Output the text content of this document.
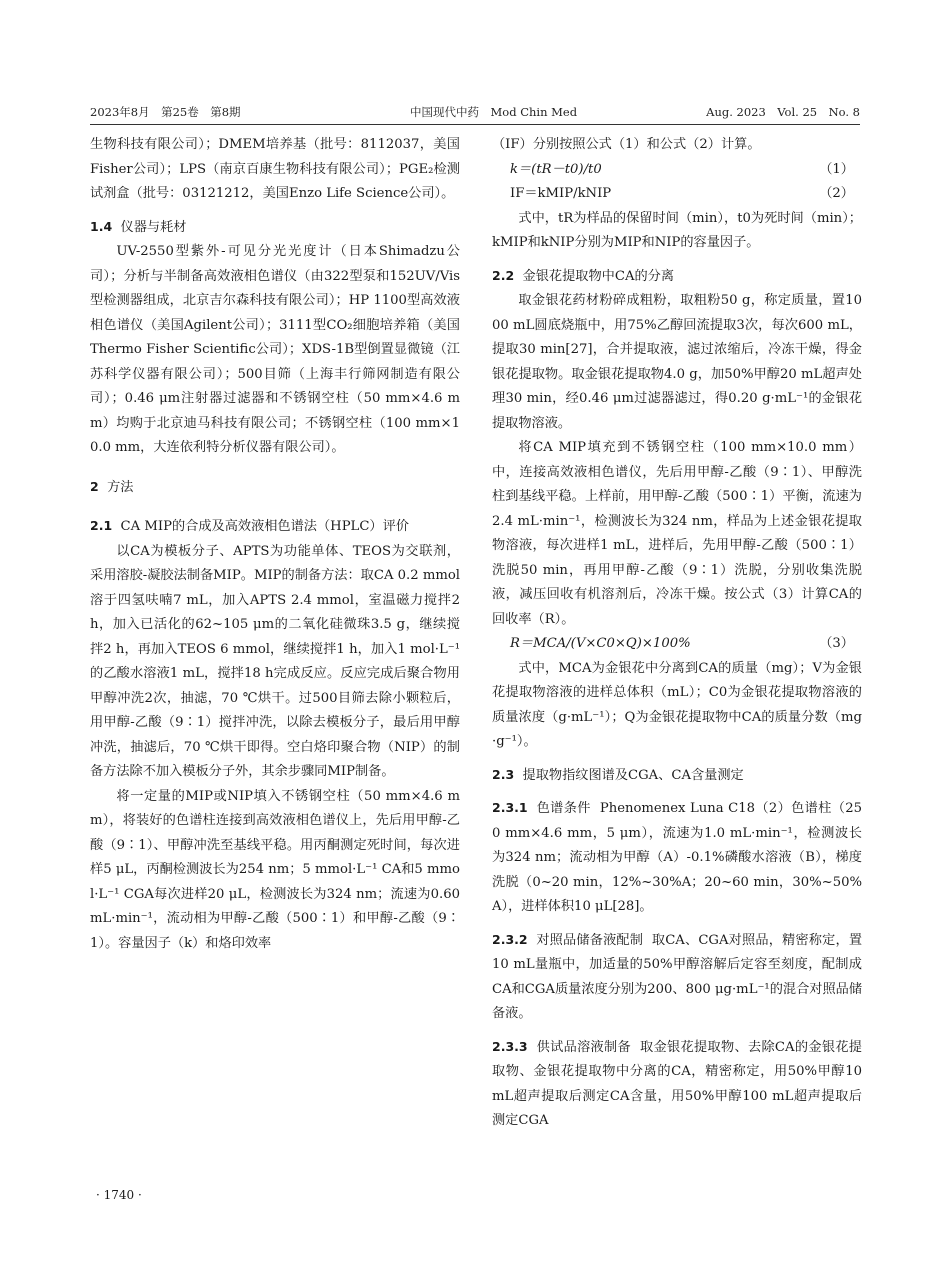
2023年8月　第25卷　第8期	中国现代中药　Mod Chin Med	Aug. 2023　Vol. 25　No. 8

生物科技有限公司）；DMEM培养基（批号：8112037，美国Fisher公司）；LPS（南京百康生物科技有限公司）；PGE₂检测试剂盒（批号：03121212，美国Enzo Life Science公司）。

1.4 仪器与耗材

UV-2550型紫外-可见分光光度计（日本Shimadzu公司）；分析与半制备高效液相色谱仪（由322型泵和152UV/Vis型检测器组成，北京吉尔森科技有限公司）；HP 1100型高效液相色谱仪（美国Agilent公司）；3111型CO₂细胞培养箱（美国Thermo Fisher Scientific公司）；XDS-1B型倒置显微镜（江苏科学仪器有限公司）；500目筛（上海丰行筛网制造有限公司）；0.46 μm注射器过滤器和不锈钢空柱（50 mm×4.6 mm）均购于北京迪马科技有限公司；不锈钢空柱（100 mm×10.0 mm，大连依利特分析仪器有限公司）。

2 方法

2.1 CA MIP的合成及高效液相色谱法（HPLC）评价

以CA为模板分子、APTS为功能单体、TEOS为交联剂，采用溶胶-凝胶法制备MIP。MIP的制备方法：取CA 0.2 mmol溶于四氢呋喃7 mL，加入APTS 2.4 mmol，室温磁力搅拌2 h，加入已活化的62~105 μm的二氧化硅微珠3.5 g，继续搅拌2 h，再加入TEOS 6 mmol，继续搅拌1 h，加入1 mol·L⁻¹的乙酸水溶液1 mL，搅拌18 h完成反应。反应完成后聚合物用甲醇冲洗2次，抽滤，70 ℃烘干。过500目筛去除小颗粒后，用甲醇-乙酸（9∶1）搅拌冲洗，以除去模板分子，最后用甲醇冲洗，抽滤后，70 ℃烘干即得。空白烙印聚合物（NIP）的制备方法除不加入模板分子外，其余步骤同MIP制备。

将一定量的MIP或NIP填入不锈钢空柱（50 mm×4.6 mm），将装好的色谱柱连接到高效液相色谱仪上，先后用甲醇-乙酸（9∶1）、甲醇冲洗至基线平稳。用丙酮测定死时间，每次进样5 μL，丙酮检测波长为254 nm；5 mmol·L⁻¹ CA和5 mmol·L⁻¹ CGA每次进样20 μL，检测波长为324 nm；流速为0.60 mL·min⁻¹，流动相为甲醇-乙酸（500∶1）和甲醇-乙酸（9∶1）。容量因子（k）和烙印效率

（IF）分别按照公式（1）和公式（2）计算。

k＝(tR－t0)/t0	（1）

IF＝kMIP/kNIP	（2）

式中，tR为样品的保留时间（min），t0为死时间（min）；kMIP和kNIP分别为MIP和NIP的容量因子。

2.2 金银花提取物中CA的分离

取金银花药材粉碎成粗粉，取粗粉50 g，称定质量，置1000 mL圆底烧瓶中，用75%乙醇回流提取3次，每次600 mL，提取30 min[27]，合并提取液，滤过浓缩后，冷冻干燥，得金银花提取物。取金银花提取物4.0 g，加50%甲醇20 mL超声处理30 min，经0.46 μm过滤器滤过，得0.20 g·mL⁻¹的金银花提取物溶液。

将CA MIP填充到不锈钢空柱（100 mm×10.0 mm）中，连接高效液相色谱仪，先后用甲醇-乙酸（9∶1）、甲醇洗柱到基线平稳。上样前，用甲醇-乙酸（500∶1）平衡，流速为2.4 mL·min⁻¹，检测波长为324 nm，样品为上述金银花提取物溶液，每次进样1 mL，进样后，先用甲醇-乙酸（500∶1）洗脱50 min，再用甲醇-乙酸（9∶1）洗脱，分别收集洗脱液，减压回收有机溶剂后，冷冻干燥。按公式（3）计算CA的回收率（R）。

R＝MCA/(V×C0×Q)×100%	（3）

式中，MCA为金银花中分离到CA的质量（mg）；V为金银花提取物溶液的进样总体积（mL）；C0为金银花提取物溶液的质量浓度（g·mL⁻¹）；Q为金银花提取物中CA的质量分数（mg·g⁻¹）。

2.3 提取物指纹图谱及CGA、CA含量测定

2.3.1 色谱条件 Phenomenex Luna C18（2）色谱柱（250 mm×4.6 mm，5 μm），流速为1.0 mL·min⁻¹，检测波长为324 nm；流动相为甲醇（A）-0.1%磷酸水溶液（B），梯度洗脱（0~20 min，12%~30%A；20~60 min，30%~50%A），进样体积10 μL[28]。

2.3.2 对照品储备液配制 取CA、CGA对照品，精密称定，置10 mL量瓶中，加适量的50%甲醇溶解后定容至刻度，配制成CA和CGA质量浓度分别为200、800 μg·mL⁻¹的混合对照品储备液。

2.3.3 供试品溶液制备 取金银花提取物、去除CA的金银花提取物、金银花提取物中分离的CA，精密称定，用50%甲醇10 mL超声提取后测定CA含量，用50%甲醇100 mL超声提取后测定CGA

· 1740 ·
